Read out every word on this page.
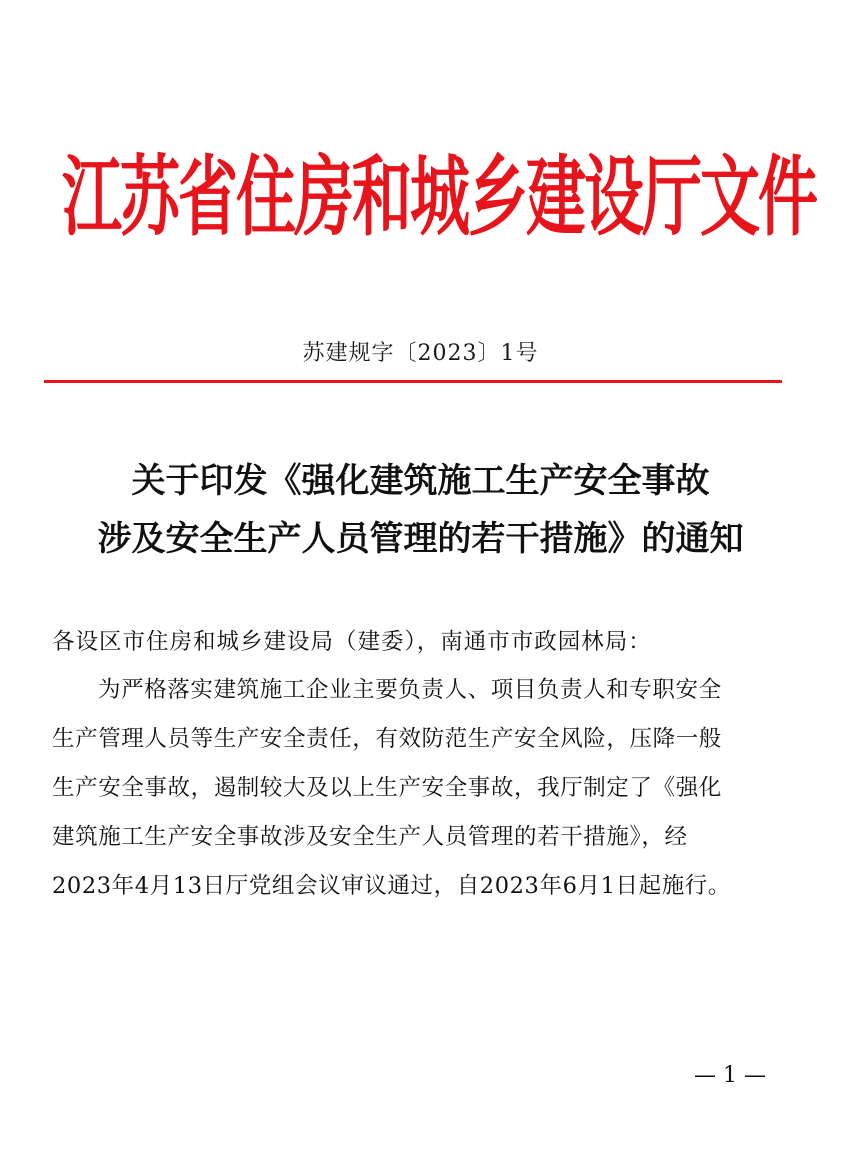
江苏省住房和城乡建设厅文件
苏建规字〔2023〕1号
关于印发《强化建筑施工生产安全事故
涉及安全生产人员管理的若干措施》的通知
各设区市住房和城乡建设局（建委），南通市市政园林局：
为严格落实建筑施工企业主要负责人、项目负责人和专职安全
生产管理人员等生产安全责任，有效防范生产安全风险，压降一般
生产安全事故，遏制较大及以上生产安全事故，我厅制定了《强化
建筑施工生产安全事故涉及安全生产人员管理的若干措施》，经
2023年4月13日厅党组会议审议通过，自2023年6月1日起施行。
— 1 —
